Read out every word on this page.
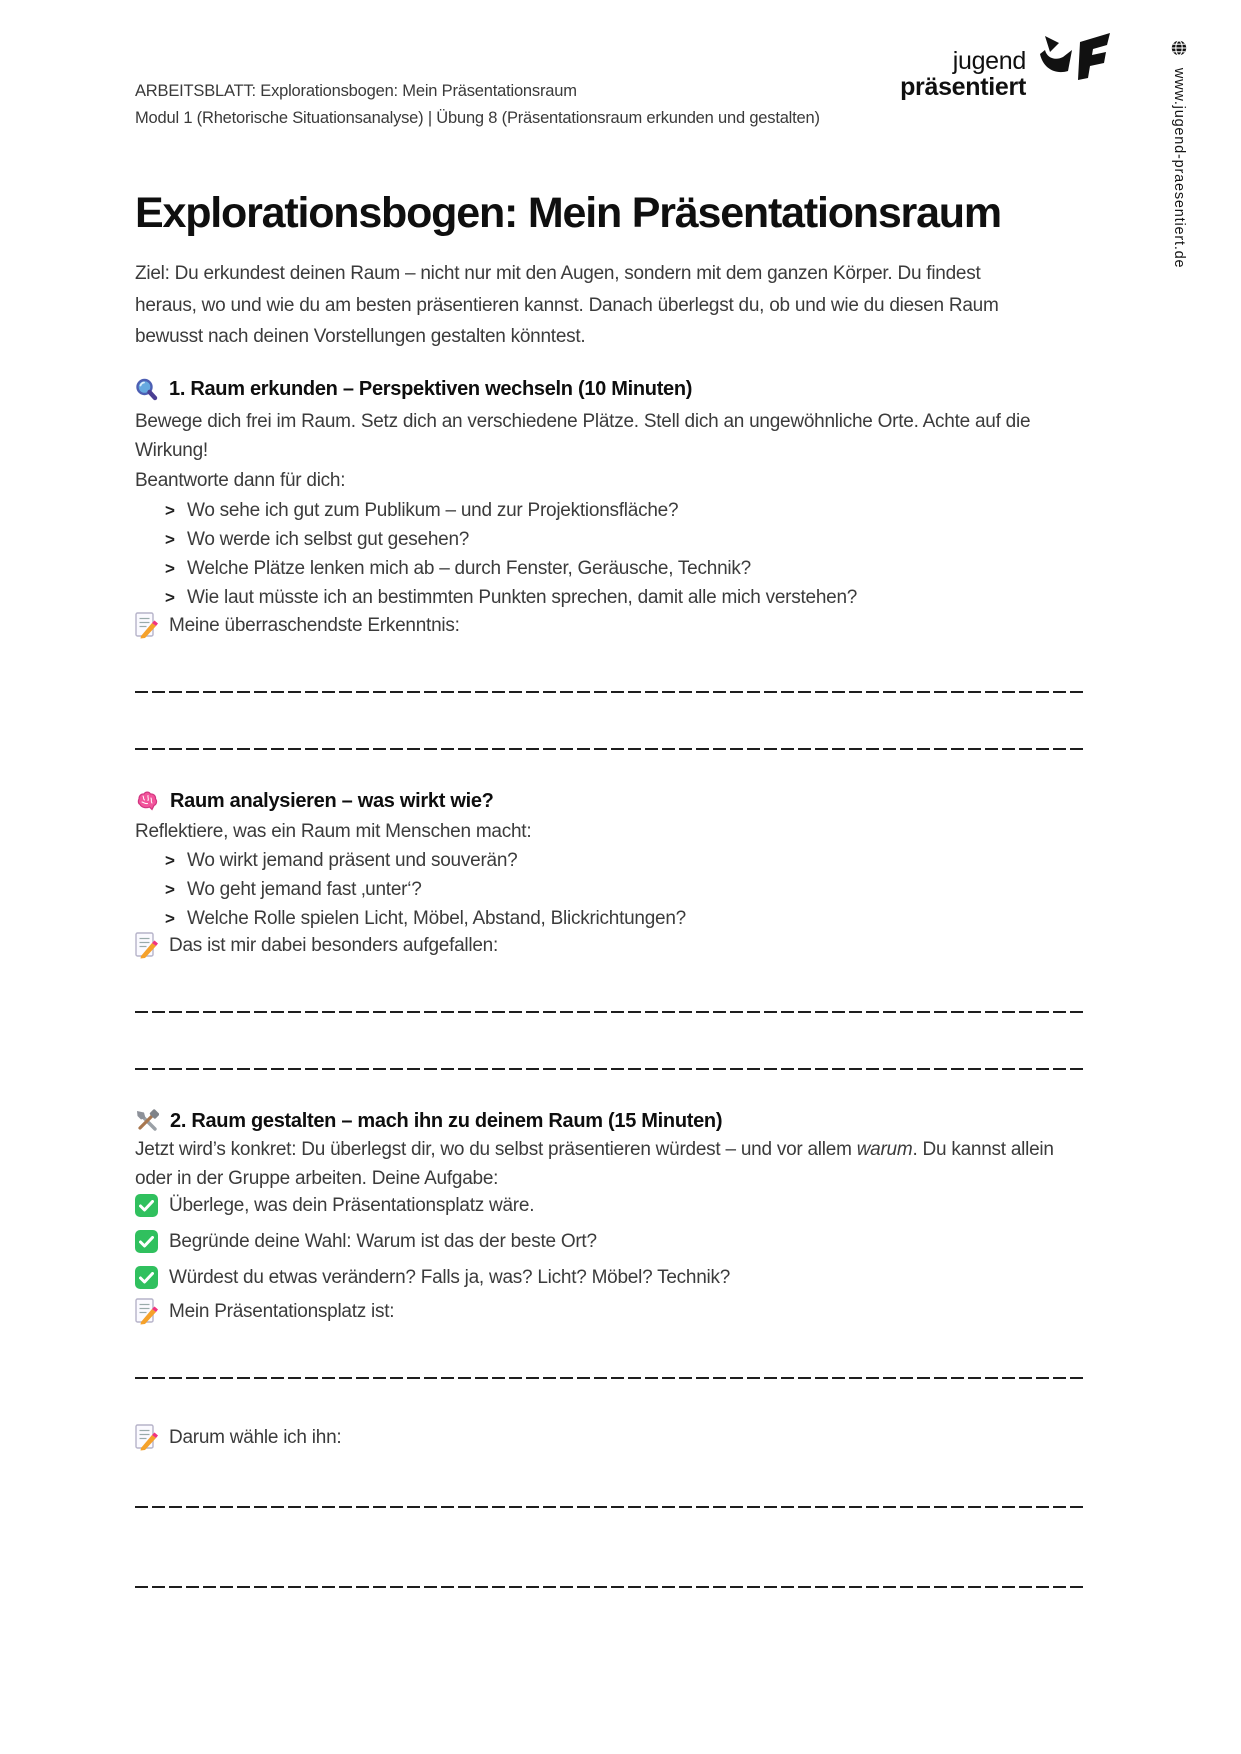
jugend
präsentiert	www.jugend-praesentiert.de
ARBEITSBLATT: Explorationsbogen: Mein Präsentationsraum
Modul 1 (Rhetorische Situationsanalyse) | Übung 8 (Präsentationsraum erkunden und gestalten)
Explorationsbogen: Mein Präsentationsraum

Ziel: Du erkundest deinen Raum – nicht nur mit den Augen, sondern mit dem ganzen Körper. Du findest heraus, wo und wie du am besten präsentieren kannst. Danach überlegst du, ob und wie du diesen Raum bewusst nach deinen Vorstellungen gestalten könntest.

1. Raum erkunden – Perspektiven wechseln (10 Minuten)

Bewege dich frei im Raum. Setz dich an verschiedene Plätze. Stell dich an ungewöhnliche Orte. Achte auf die Wirkung!

Beantworte dann für dich:

> Wo sehe ich gut zum Publikum – und zur Projektionsfläche?
> Wo werde ich selbst gut gesehen?
> Welche Plätze lenken mich ab – durch Fenster, Geräusche, Technik?
> Wie laut müsste ich an bestimmten Punkten sprechen, damit alle mich verstehen?
Meine überraschendste Erkenntnis:
Raum analysieren – was wirkt wie?

Reflektiere, was ein Raum mit Menschen macht:

> Wo wirkt jemand präsent und souverän?
> Wo geht jemand fast ‚unter‘?
> Welche Rolle spielen Licht, Möbel, Abstand, Blickrichtungen?
Das ist mir dabei besonders aufgefallen:
2. Raum gestalten – mach ihn zu deinem Raum (15 Minuten)

Jetzt wird’s konkret: Du überlegst dir, wo du selbst präsentieren würdest – und vor allem warum. Du kannst allein oder in der Gruppe arbeiten. Deine Aufgabe:

Überlege, was dein Präsentationsplatz wäre.
Begründe deine Wahl: Warum ist das der beste Ort?
Würdest du etwas verändern? Falls ja, was? Licht? Möbel? Technik?
Mein Präsentationsplatz ist:
Darum wähle ich ihn:
